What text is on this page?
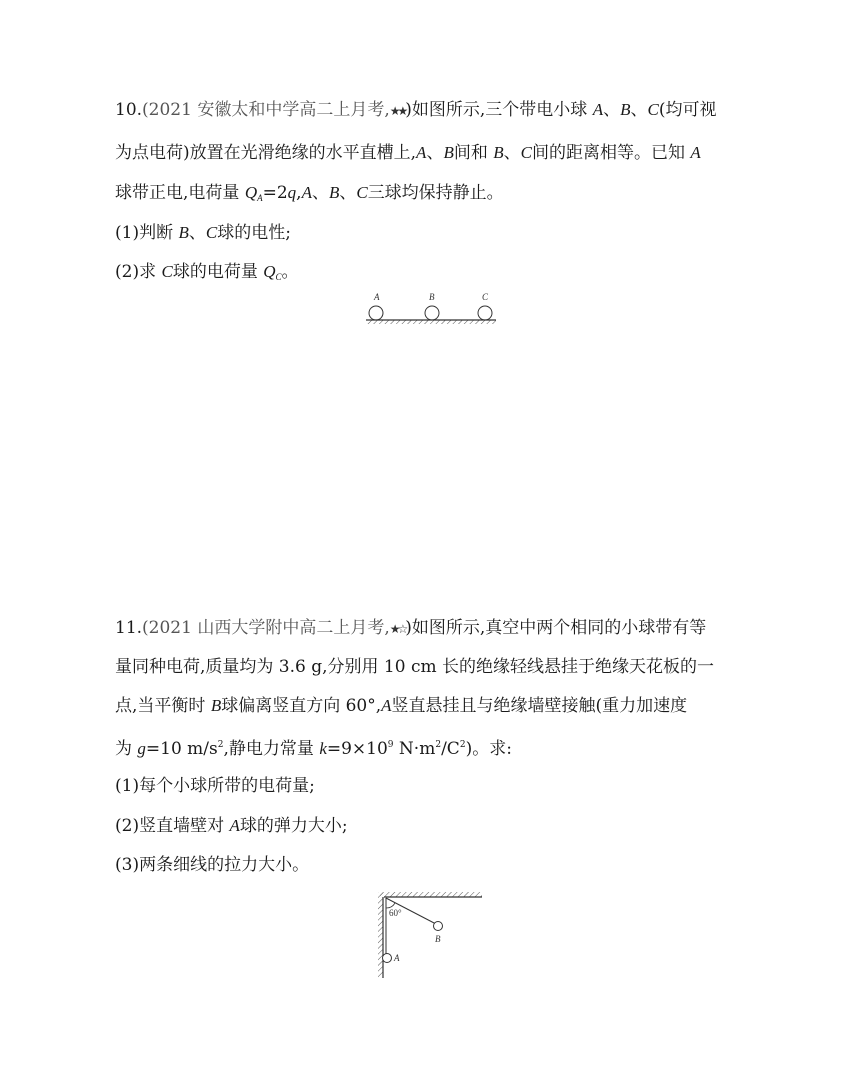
10.(2021 安徽太和中学高二上月考,★★)如图所示,三个带电小球 A、B、C(均可视
为点电荷)放置在光滑绝缘的水平直槽上,A、B间和 B、C间的距离相等。已知 A
球带正电,电荷量 $Q_A=2q,A$、B、C三球均保持静止。
(1)判断 B、C球的电性;
(2)求 C球的电荷量 $Q_C$。
A	B	C
11.(2021 山西大学附中高二上月考,★☆)如图所示,真空中两个相同的小球带有等
量同种电荷,质量均为 3.6 g,分别用 10 cm 长的绝缘轻线悬挂于绝缘天花板的一
点,当平衡时 B球偏离竖直方向 60°,A竖直悬挂且与绝缘墙壁接触(重力加速度
为 g=10 $m/s^2$,静电力常量 $k=9\times 10^9$ $N\cdot m^2/C^2$)。求:
(1)每个小球所带的电荷量;
(2)竖直墙壁对 A球的弹力大小;
(3)两条细线的拉力大小。
60°
B
A
